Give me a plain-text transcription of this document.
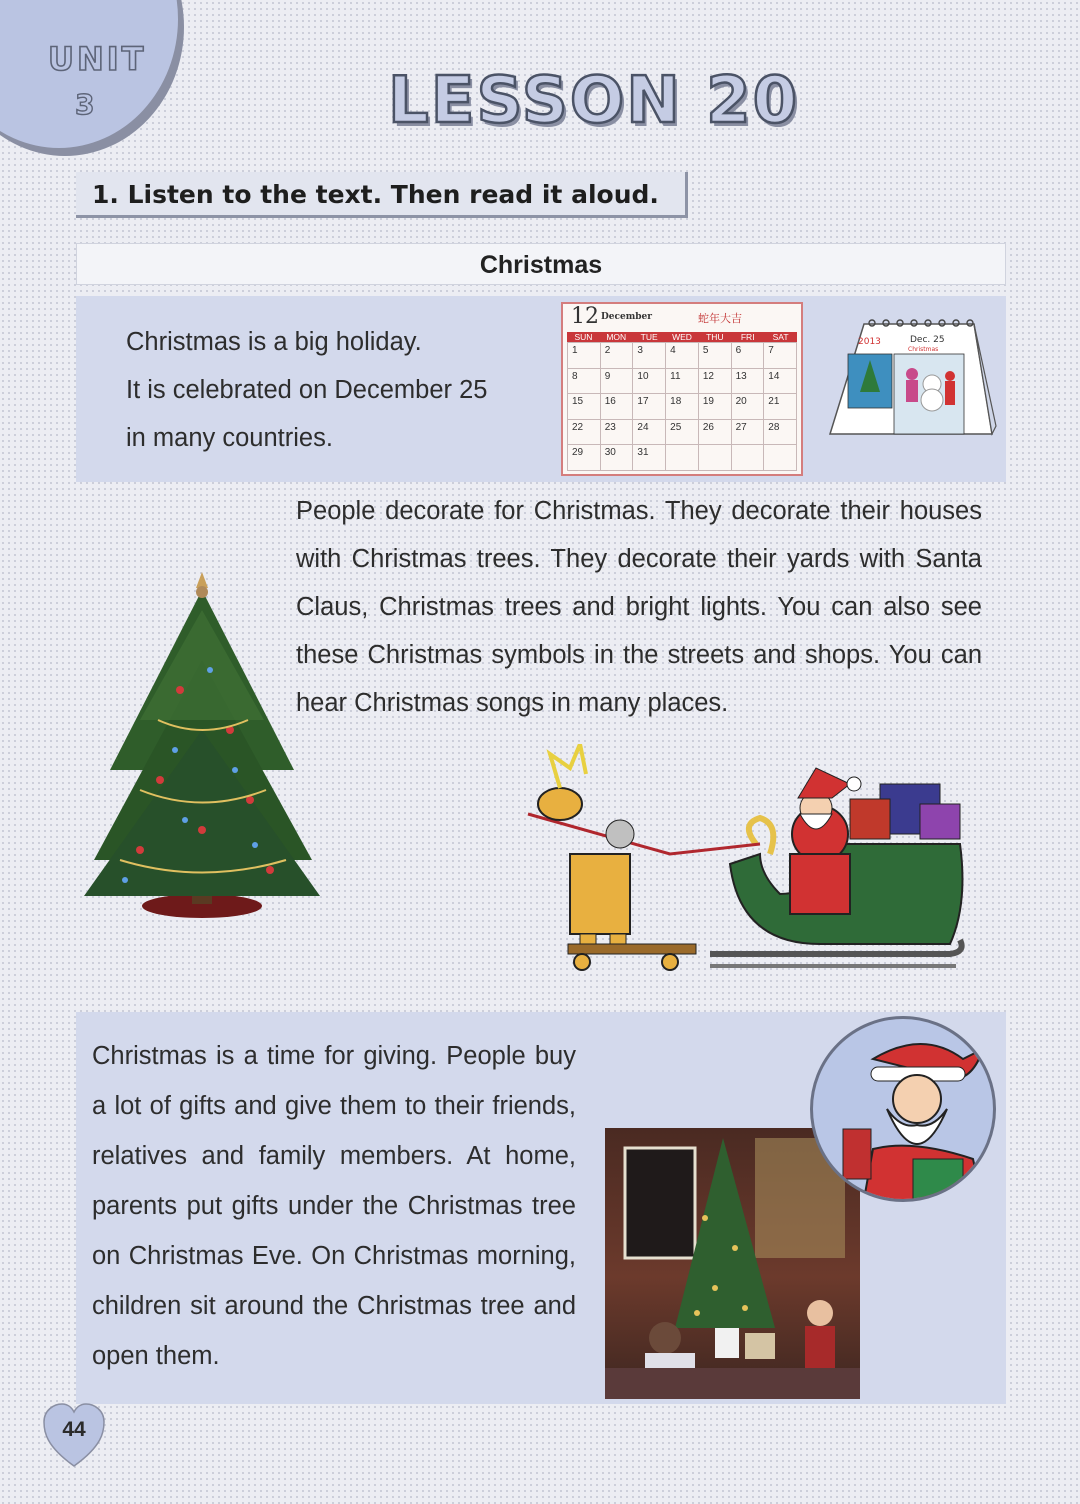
UNIT
3	LESSON 20
1. Listen to the text. Then read it aloud.
Christmas
Christmas is a big holiday.
It is celebrated on December 25
in many countries.
12 December	蛇年大吉
SUN	MON	TUE	WED	THU	FRI	SAT
1	2	3	4	5	6	7
8	9	10	11	12	13	14
15	16	17	18	19	20	21
22	23	24	25	26	27	28
29	30	31
2013	Dec. 25
Christmas
People decorate for Christmas. They decorate their houses with Christmas trees. They decorate their yards with Santa Claus, Christmas trees and bright lights. You can also see these Christmas symbols in the streets and shops. You can hear Christmas songs in many places.
Christmas is a time for giving. People buy a lot of gifts and give them to their friends, relatives and family members. At home, parents put gifts under the Christmas tree on Christmas Eve. On Christmas morning, children sit around the Christmas tree and open them.
44
